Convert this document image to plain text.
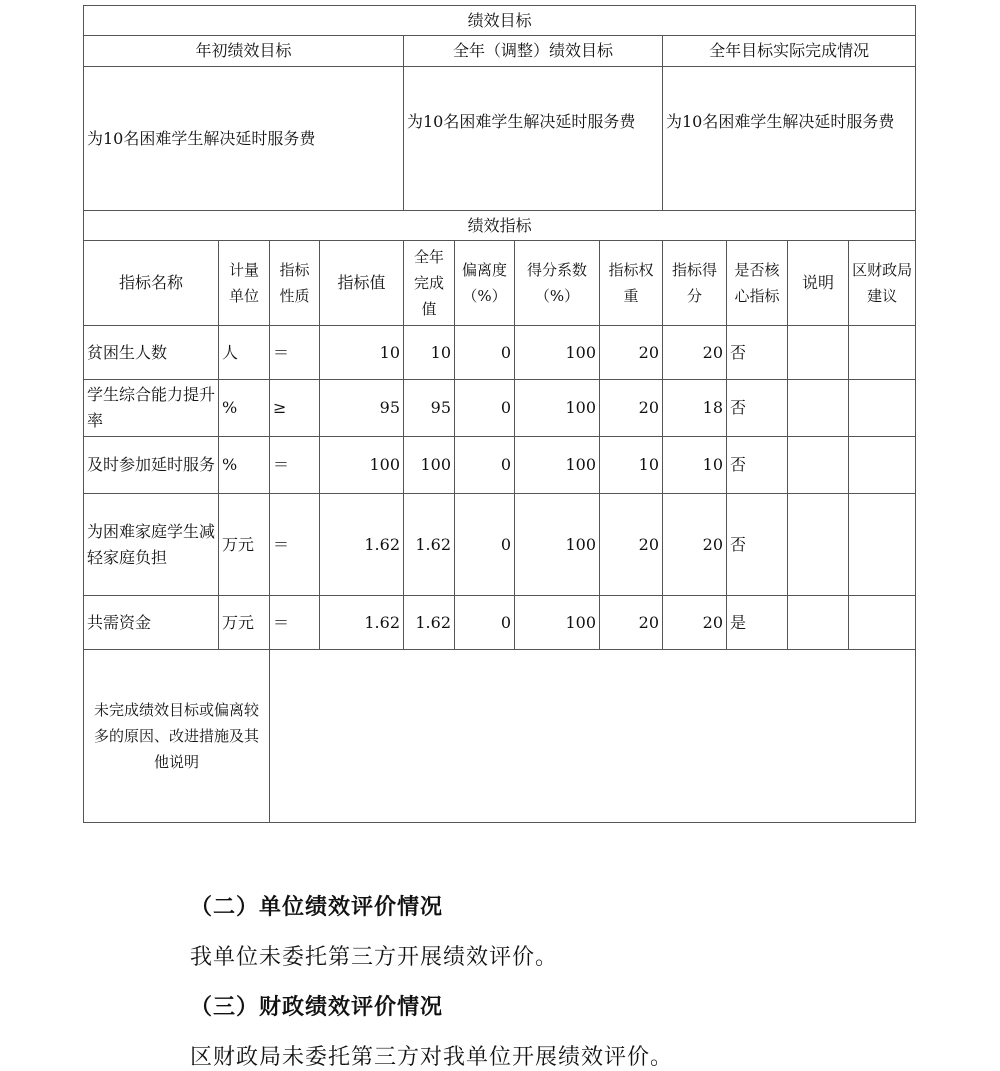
绩效目标											
年初绩效目标				全年（调整）绩效目标				全年目标实际完成情况			
为10名困难学生解决延时服务费				为10名困难学生解决延时服务费				为10名困难学生解决延时服务费			
绩效指标											
指标名称	计量单位	指标性质	指标值	全年完成值	偏离度（%）	得分系数（%）	指标权重	指标得分	是否核心指标	说明	区财政局建议
贫困生人数	人	＝	10	10	0	100	20	20	否		
学生综合能力提升率	%	≥	95	95	0	100	20	18	否		
及时参加延时服务	%	＝	100	100	0	100	10	10	否		
为困难家庭学生减轻家庭负担	万元	＝	1.62	1.62	0	100	20	20	否		
共需资金	万元	＝	1.62	1.62	0	100	20	20	是		
未完成绩效目标或偏离较多的原因、改进措施及其他说明											
（二）单位绩效评价情况
我单位未委托第三方开展绩效评价。
（三）财政绩效评价情况
区财政局未委托第三方对我单位开展绩效评价。
